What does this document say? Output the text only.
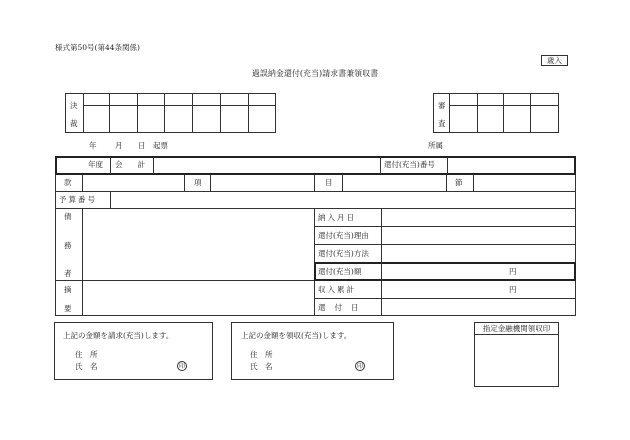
様式第50号(第44条関係)
歳入
過誤納金還付(充当)請求書兼領収書
決
裁
審
査
年 月 日 起票	所属
年度 会　　計	還付(充当)番号
款	項	目	節
予算番号
債
務
者
摘
要
納入月日
還付(充当)理由
還付(充当)方法
還付(充当)額	円
収入累計	円
還付日
上記の金額を請求(充当)します。
住　所
氏　名	印
上記の金額を領収(充当)します。
住　所
氏　名	印
指定金融機関領収印
